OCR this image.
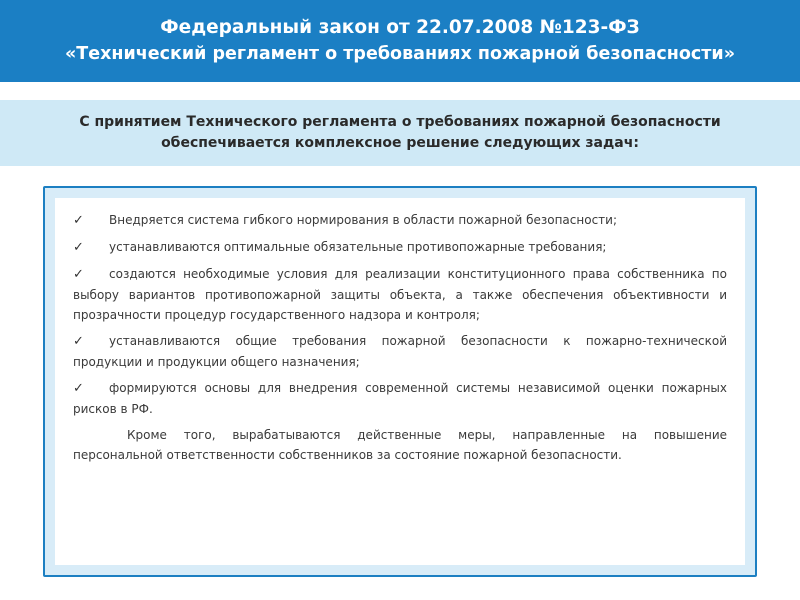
Федеральный закон от 22.07.2008 №123-ФЗ
«Технический регламент о требованиях пожарной безопасности»
С принятием Технического регламента о требованиях пожарной безопасности
обеспечивается комплексное решение следующих задач:
✓ Внедряется система гибкого нормирования в области пожарной безопасности;
✓ устанавливаются оптимальные обязательные противопожарные требования;
✓ создаются необходимые условия для реализации конституционного права собственника по выбору вариантов противопожарной защиты объекта, а также обеспечения объективности и прозрачности процедур государственного надзора и контроля;
✓ устанавливаются общие требования пожарной безопасности к пожарно-технической продукции и продукции общего назначения;
✓ формируются основы для внедрения современной системы независимой оценки пожарных рисков в РФ.

Кроме того, вырабатываются действенные меры, направленные на повышение персональной ответственности собственников за состояние пожарной безопасности.
